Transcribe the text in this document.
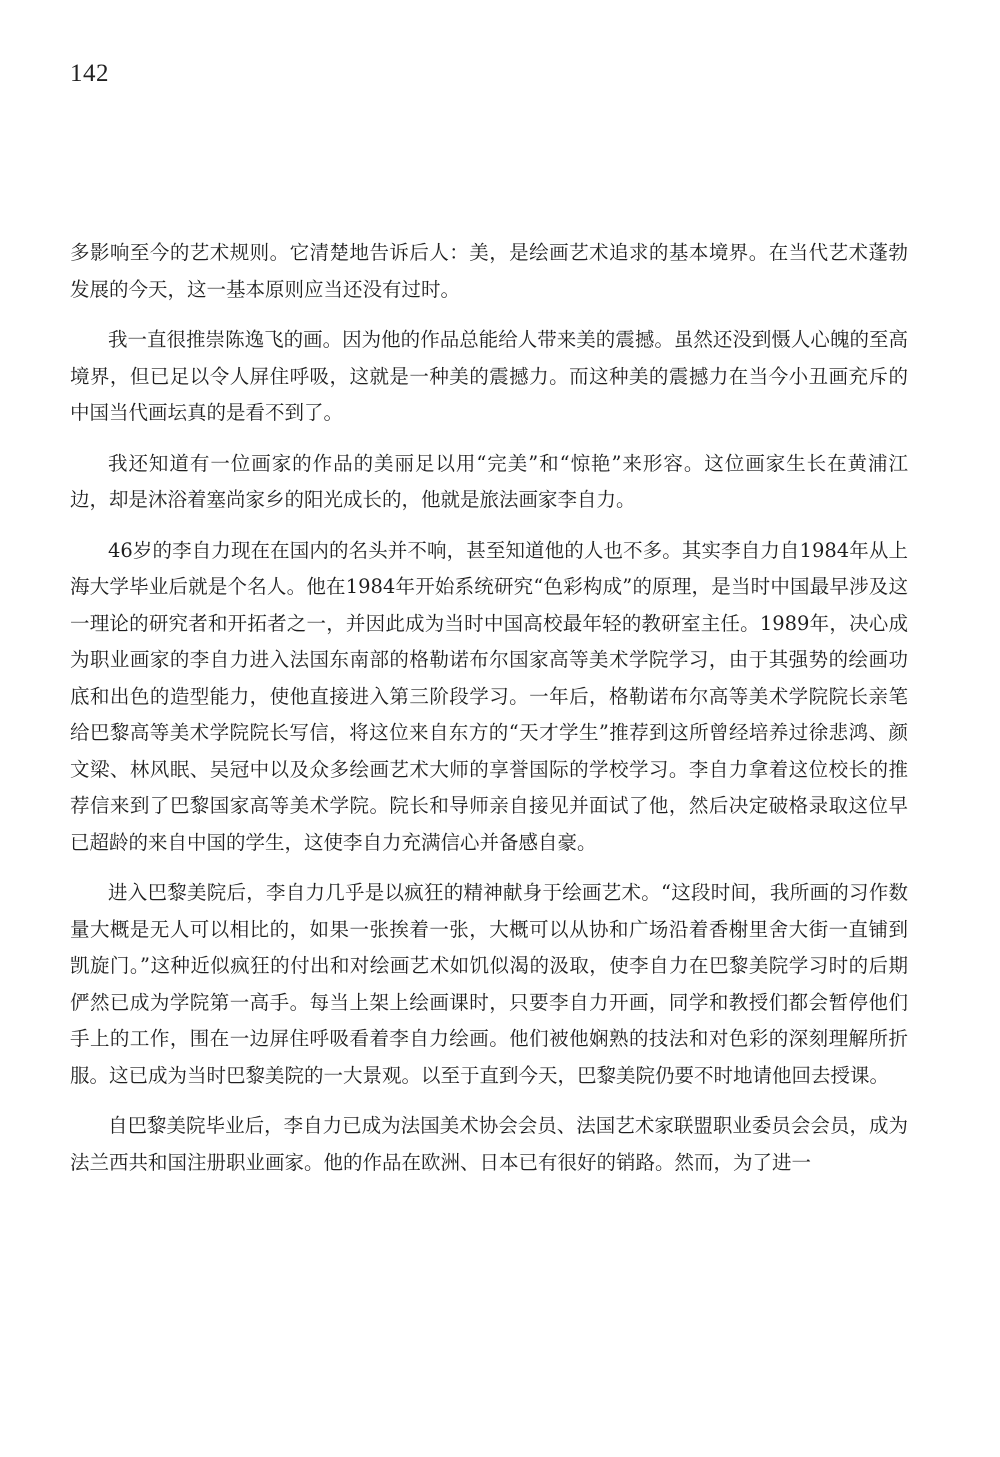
142

多影响至今的艺术规则。它清楚地告诉后人：美，是绘画艺术追求的基本境界。在当代艺术蓬勃发展的今天，这一基本原则应当还没有过时。

我一直很推崇陈逸飞的画。因为他的作品总能给人带来美的震撼。虽然还没到慑人心魄的至高境界，但已足以令人屏住呼吸，这就是一种美的震撼力。而这种美的震撼力在当今小丑画充斥的中国当代画坛真的是看不到了。

我还知道有一位画家的作品的美丽足以用“完美”和“惊艳”来形容。这位画家生长在黄浦江边，却是沐浴着塞尚家乡的阳光成长的，他就是旅法画家李自力。

46岁的李自力现在在国内的名头并不响，甚至知道他的人也不多。其实李自力自1984年从上海大学毕业后就是个名人。他在1984年开始系统研究“色彩构成”的原理，是当时中国最早涉及这一理论的研究者和开拓者之一，并因此成为当时中国高校最年轻的教研室主任。1989年，决心成为职业画家的李自力进入法国东南部的格勒诺布尔国家高等美术学院学习，由于其强势的绘画功底和出色的造型能力，使他直接进入第三阶段学习。一年后，格勒诺布尔高等美术学院院长亲笔给巴黎高等美术学院院长写信，将这位来自东方的“天才学生”推荐到这所曾经培养过徐悲鸿、颜文梁、林风眠、吴冠中以及众多绘画艺术大师的享誉国际的学校学习。李自力拿着这位校长的推荐信来到了巴黎国家高等美术学院。院长和导师亲自接见并面试了他，然后决定破格录取这位早已超龄的来自中国的学生，这使李自力充满信心并备感自豪。

进入巴黎美院后，李自力几乎是以疯狂的精神献身于绘画艺术。“这段时间，我所画的习作数量大概是无人可以相比的，如果一张挨着一张，大概可以从协和广场沿着香榭里舍大街一直铺到凯旋门。”这种近似疯狂的付出和对绘画艺术如饥似渴的汲取，使李自力在巴黎美院学习时的后期俨然已成为学院第一高手。每当上架上绘画课时，只要李自力开画，同学和教授们都会暂停他们手上的工作，围在一边屏住呼吸看着李自力绘画。他们被他娴熟的技法和对色彩的深刻理解所折服。这已成为当时巴黎美院的一大景观。以至于直到今天，巴黎美院仍要不时地请他回去授课。

自巴黎美院毕业后，李自力已成为法国美术协会会员、法国艺术家联盟职业委员会会员，成为法兰西共和国注册职业画家。他的作品在欧洲、日本已有很好的销路。然而，为了进一
